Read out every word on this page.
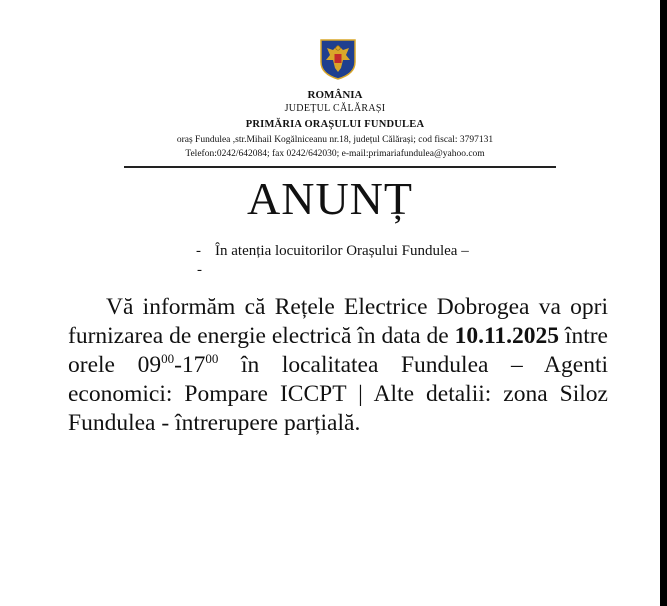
ROMÂNIA
JUDEȚUL CĂLĂRAȘI
PRIMĂRIA ORAȘULUI FUNDULEA
oraș Fundulea ,str.Mihail Kogălniceanu nr.18, județul Călărași; cod fiscal: 3797131
Telefon:0242/642084; fax 0242/642030; e-mail:primariafundulea@yahoo.com
ANUNȚ
- În atenția locuitorilor Orașului Fundulea –
-
Vă informăm că Rețele Electrice Dobrogea va opri furnizarea de energie electrică în data de 10.11.2025 între orele $09^{00}-17^{00}$ în localitatea Fundulea – Agenti economici: Pompare ICCPT | Alte detalii: zona Siloz Fundulea - întrerupere parțială.
